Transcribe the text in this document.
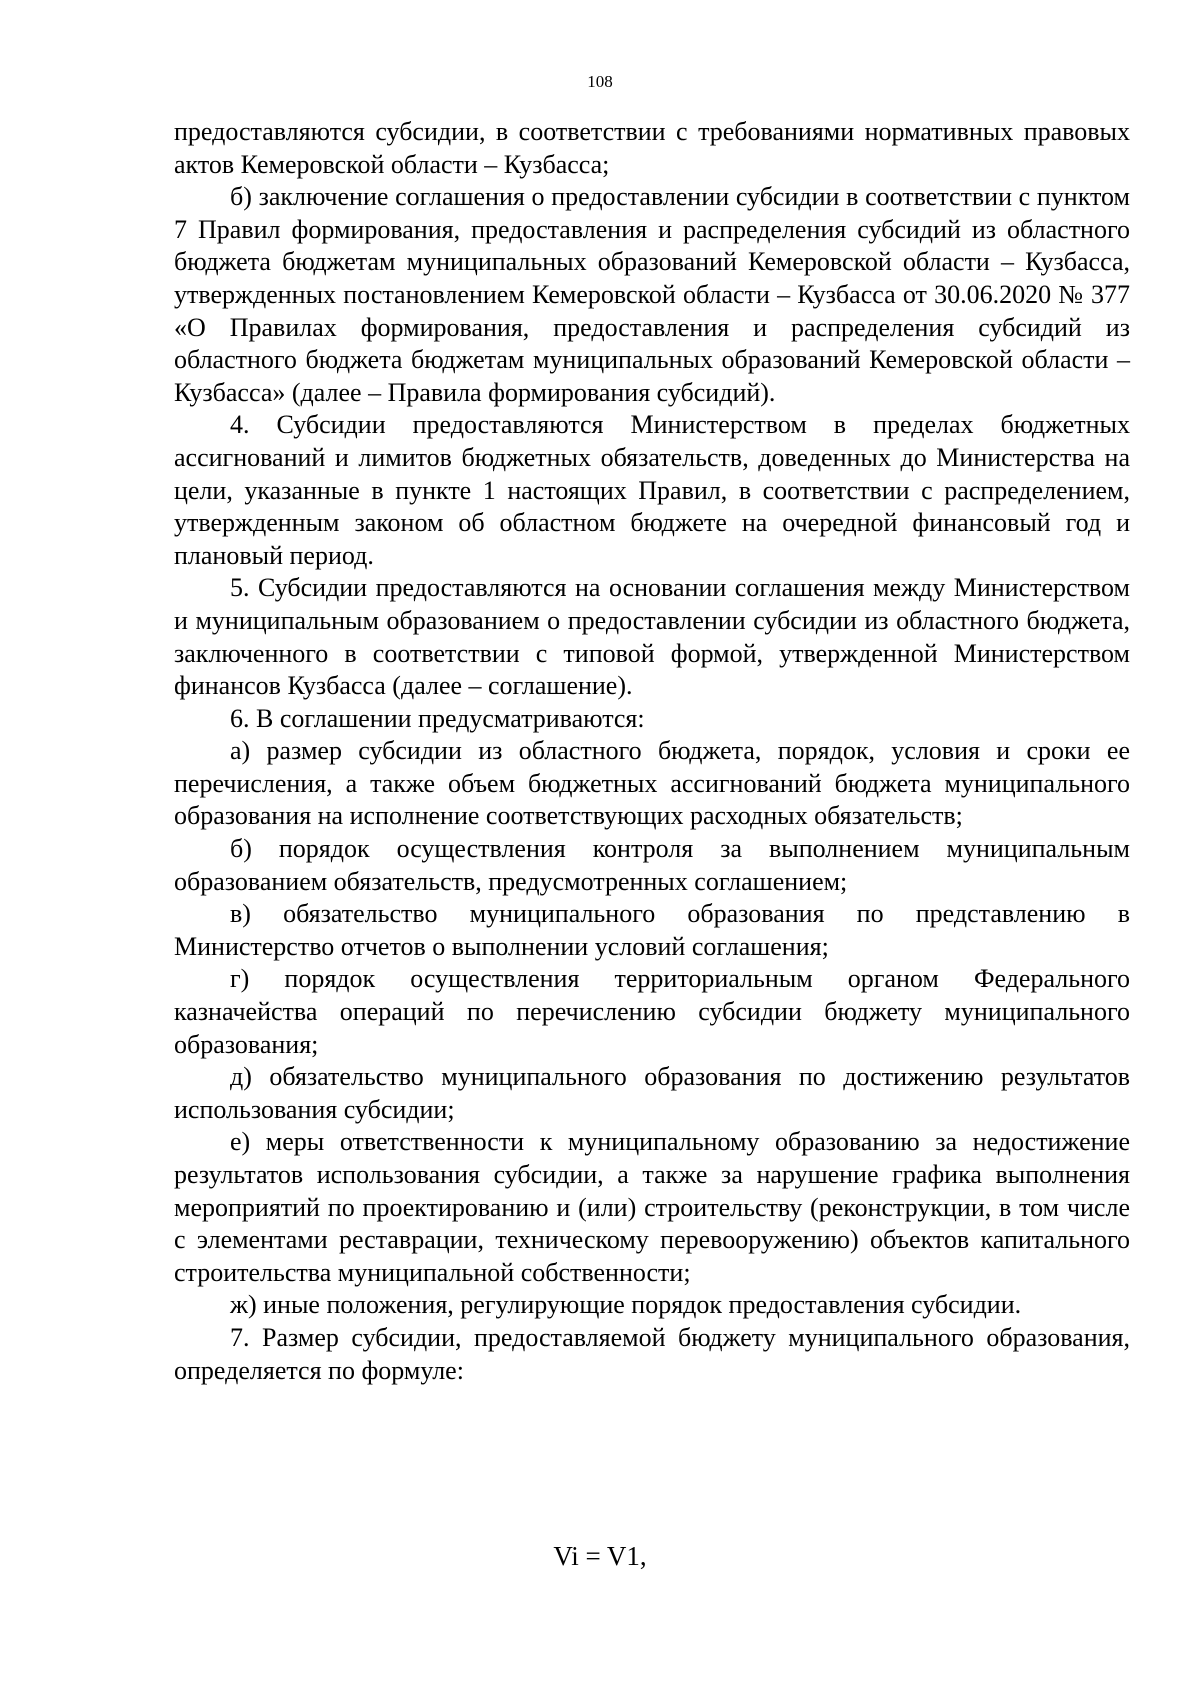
108

предоставляются субсидии, в соответствии с требованиями нормативных правовых актов Кемеровской области – Кузбасса;

б) заключение соглашения о предоставлении субсидии в соответствии с пунктом 7 Правил формирования, предоставления и распределения субсидий из областного бюджета бюджетам муниципальных образований Кемеровской области – Кузбасса, утвержденных постановлением Кемеровской области – Кузбасса от 30.06.2020 № 377 «О Правилах формирования, предоставления и распределения субсидий из областного бюджета бюджетам муниципальных образований Кемеровской области – Кузбасса» (далее – Правила формирования субсидий).

4. Субсидии предоставляются Министерством в пределах бюджетных ассигнований и лимитов бюджетных обязательств, доведенных до Министерства на цели, указанные в пункте 1 настоящих Правил, в соответствии с распределением, утвержденным законом об областном бюджете на очередной финансовый год и плановый период.

5. Субсидии предоставляются на основании соглашения между Министерством и муниципальным образованием о предоставлении субсидии из областного бюджета, заключенного в соответствии с типовой формой, утвержденной Министерством финансов Кузбасса (далее – соглашение).

6. В соглашении предусматриваются:

а) размер субсидии из областного бюджета, порядок, условия и сроки ее перечисления, а также объем бюджетных ассигнований бюджета муниципального образования на исполнение соответствующих расходных обязательств;

б) порядок осуществления контроля за выполнением муниципальным образованием обязательств, предусмотренных соглашением;

в) обязательство муниципального образования по представлению в Министерство отчетов о выполнении условий соглашения;

г) порядок осуществления территориальным органом Федерального казначейства операций по перечислению субсидии бюджету муниципального образования;

д) обязательство муниципального образования по достижению результатов использования субсидии;

е) меры ответственности к муниципальному образованию за недостижение результатов использования субсидии, а также за нарушение графика выполнения мероприятий по проектированию и (или) строительству (реконструкции, в том числе с элементами реставрации, техническому перевооружению) объектов капитального строительства муниципальной собственности;

ж) иные положения, регулирующие порядок предоставления субсидии.

7. Размер субсидии, предоставляемой бюджету муниципального образования, определяется по формуле:

Vi = V1,
